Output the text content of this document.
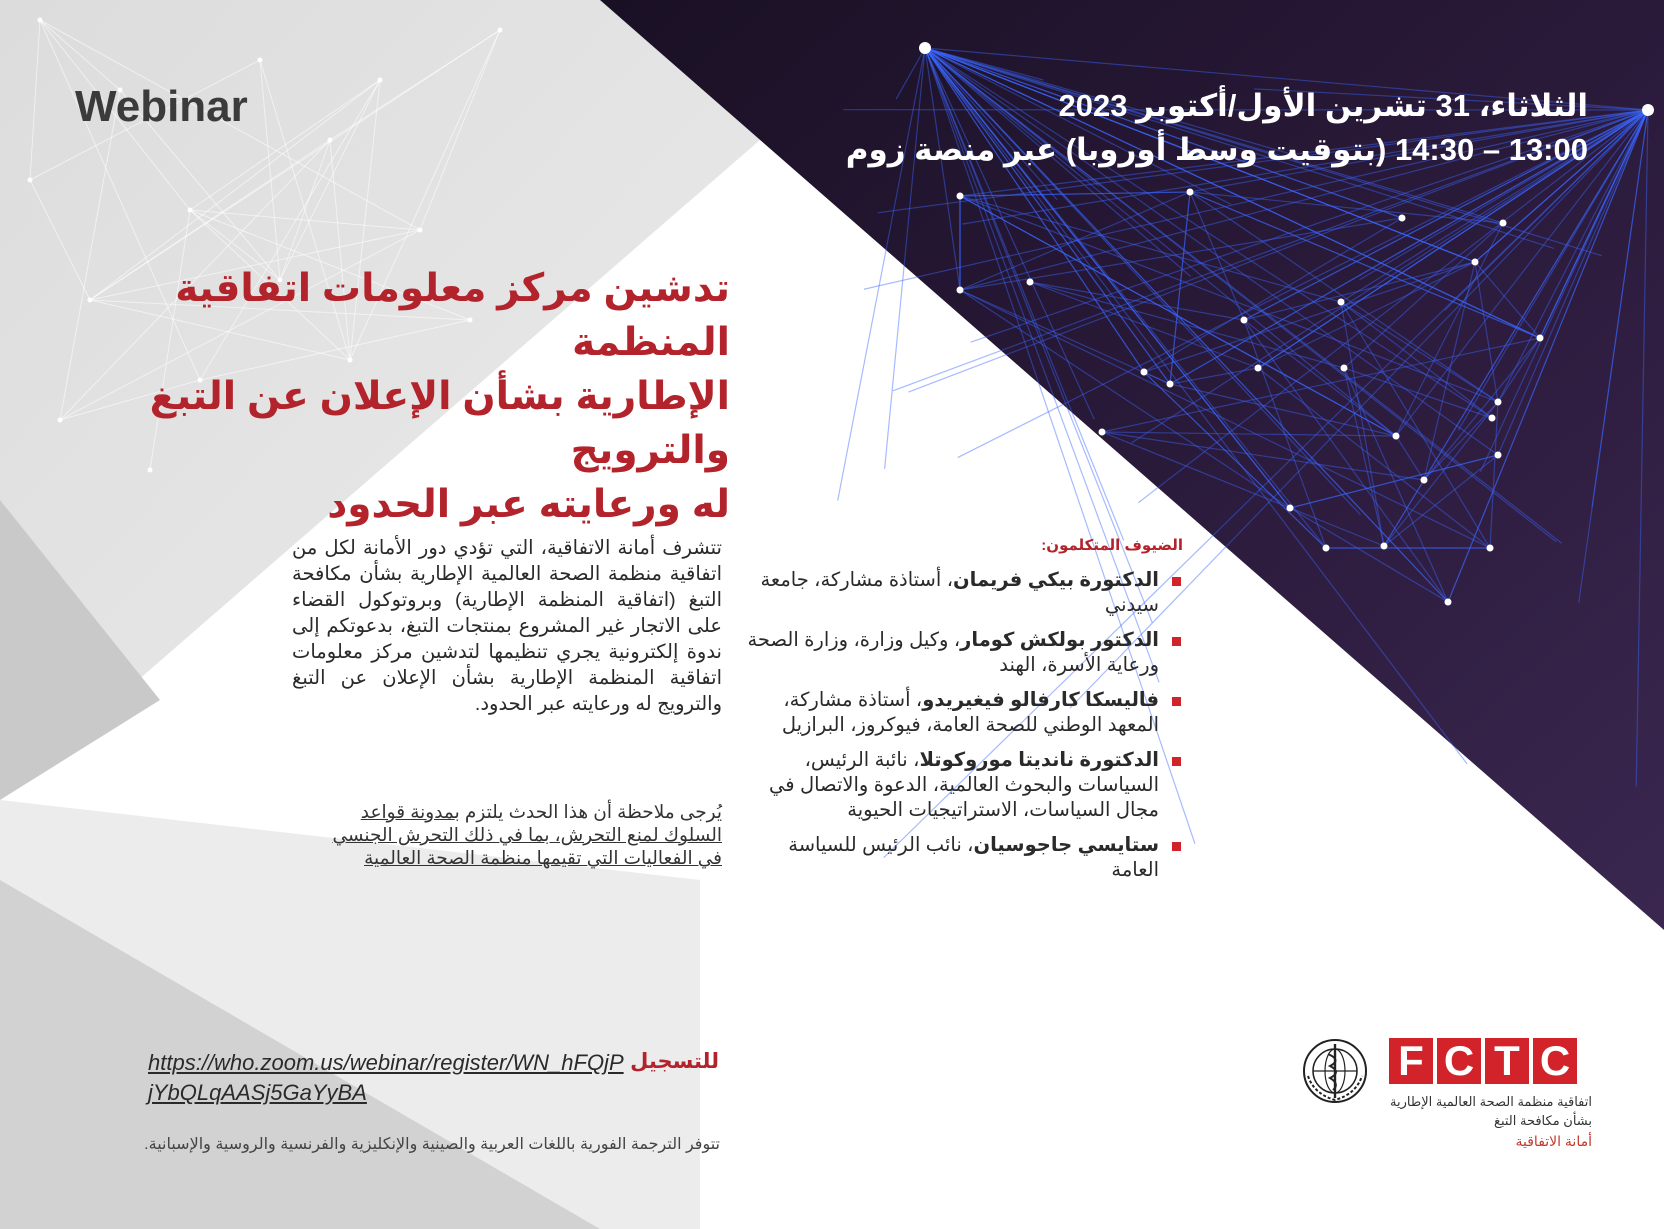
Webinar	الثلاثاء، 31 تشرين الأول/أكتوبر 2023
13:00 – 14:30 (بتوقيت وسط أوروبا) عبر منصة زوم
تدشين مركز معلومات اتفاقية المنظمة
الإطارية بشأن الإعلان عن التبغ والترويج
له ورعايته عبر الحدود
تتشرف أمانة الاتفاقية، التي تؤدي دور الأمانة لكل من اتفاقية منظمة الصحة العالمية الإطارية بشأن مكافحة التبغ (اتفاقية المنظمة الإطارية) وبروتوكول القضاء على الاتجار غير المشروع بمنتجات التبغ، بدعوتكم إلى ندوة إلكترونية يجري تنظيمها لتدشين مركز معلومات اتفاقية المنظمة الإطارية بشأن الإعلان عن التبغ والترويج له ورعايته عبر الحدود.
يُرجى ملاحظة أن هذا الحدث يلتزم بمدونة قواعد السلوك لمنع التحرش، بما في ذلك التحرش الجنسي في الفعاليات التي تقيمها منظمة الصحة العالمية
الضيوف المتكلمون:
الدكتورة بيكي فريمان، أستاذة مشاركة، جامعة سيدني
الدكتور بولكش كومار، وكيل وزارة، وزارة الصحة ورعاية الأسرة، الهند
فاليسكا كارفالو فيغيريدو، أستاذة مشاركة، المعهد الوطني للصحة العامة، فيوكروز، البرازيل
الدكتورة نانديتا موروكوتلا، نائبة الرئيس، السياسات والبحوث العالمية، الدعوة والاتصال في مجال السياسات، الاستراتيجيات الحيوية
ستايسي جاجوسيان، نائب الرئيس للسياسة العامة
للتسجيل
https://who.zoom.us/webinar/register/WN_hFQjPjYbQLqAASj5GaYyBA
تتوفر الترجمة الفورية باللغات العربية والصينية والإنكليزية والفرنسية والروسية والإسبانية.
F C T C
اتفاقية منظمة الصحة العالمية الإطارية
بشأن مكافحة التبغ
أمانة الاتفاقية
